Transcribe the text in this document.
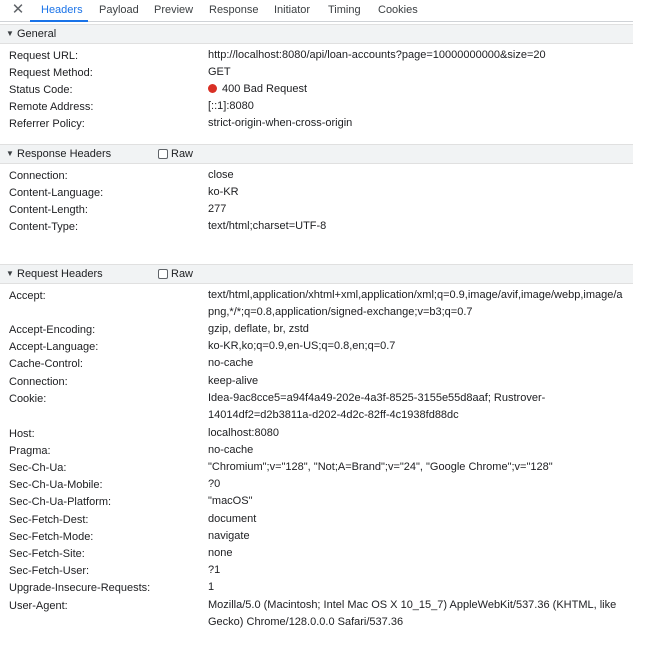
✕ Headers Payload Preview Response Initiator Timing Cookies
▼ General
Request URL:	http://localhost:8080/api/loan-accounts?page=10000000000&size=20
Request Method:	GET
Status Code:	400 Bad Request
Remote Address:	[::1]:8080
Referrer Policy:	strict-origin-when-cross-origin
▼ Response Headers	Raw
Connection:	close
Content-Language:	ko-KR
Content-Length:	277
Content-Type:	text/html;charset=UTF-8
▼ Request Headers	Raw
Accept:	text/html,application/xhtml+xml,application/xml;q=0.9,image/avif,image/webp,image/apng,*/*;q=0.8,application/signed-exchange;v=b3;q=0.7
Accept-Encoding:	gzip, deflate, br, zstd
Accept-Language:	ko-KR,ko;q=0.9,en-US;q=0.8,en;q=0.7
Cache-Control:	no-cache
Connection:	keep-alive
Cookie:	Idea-9ac8cce5=a94f4a49-202e-4a3f-8525-3155e55d8aaf; Rustrover-14014df2=d2b3811a-d202-4d2c-82ff-4c1938fd88dc
Host:	localhost:8080
Pragma:	no-cache
Sec-Ch-Ua:	"Chromium";v="128", "Not;A=Brand";v="24", "Google Chrome";v="128"
Sec-Ch-Ua-Mobile:	?0
Sec-Ch-Ua-Platform:	"macOS"
Sec-Fetch-Dest:	document
Sec-Fetch-Mode:	navigate
Sec-Fetch-Site:	none
Sec-Fetch-User:	?1
Upgrade-Insecure-Requests:	1
User-Agent:	Mozilla/5.0 (Macintosh; Intel Mac OS X 10_15_7) AppleWebKit/537.36 (KHTML, like Gecko) Chrome/128.0.0.0 Safari/537.36
